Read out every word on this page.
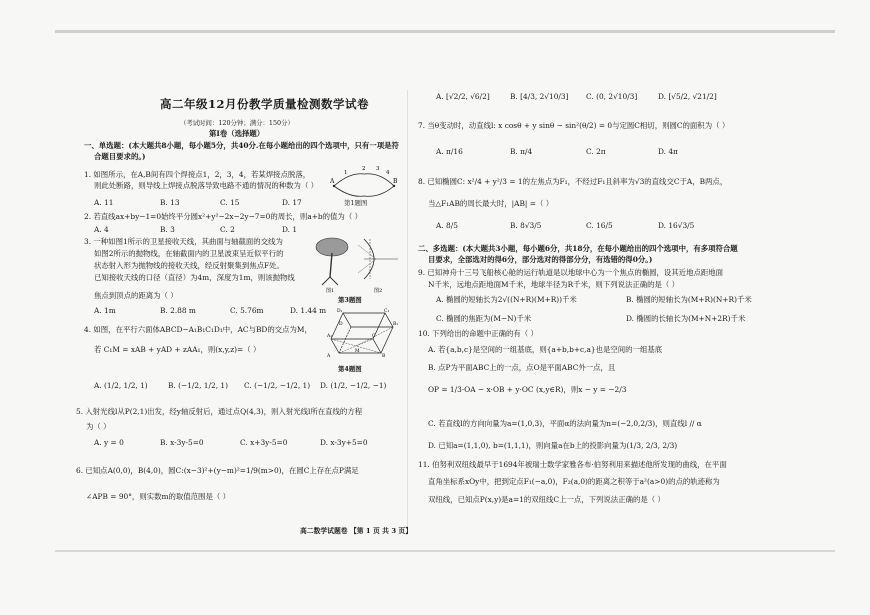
高二年级12月份教学质量检测数学试卷
（考试时间：120分钟；满分：150分）
第Ⅰ卷（选择题）
一、单选题：(本大题共8小题，每小题5分，共40分.在每小题给出的四个选项中，只有一项是符
合题目要求的。)
1. 如图所示，在A,B间有四个焊接点1，2，3，4，若某焊接点脱落，
则此处断路，则导线上焊接点脱落导致电路不通的情况的种数为（ ）
A. 11	B. 13	C. 15	D. 17
A	B
1
2 3
4
第1题图
2. 若直线ax+by−1=0始终平分圆x²+y²−2x−2y−7=0的周长，则a+b的值为（ ）
A. 4	B. 3	C. 2	D. 1
3. 一种如图1所示的卫星接收天线，其曲面与轴截面的交线为
如图2所示的抛物线，在轴截面内的卫星波束呈近似平行的
状态射入形为抛物线的接收天线，经反射聚集到焦点F处。
已知接收天线的口径（直径）为4m，深度为1m，则该抛物线
焦点到顶点的距离为（ ）	图1	图2
A. 1m	B. 2.88 m	C. 5.76m	D. 1.44 m
第3题图
4. 如图，在平行六面体ABCD−A₁B₁C₁D₁中，AC与BD的交点为M，
若 C₁M = xAB + yAD + zAA₁，则(x,y,z)=（ ）
D₁	C₁
A₁
B₁
A	B
C
D
M
第4题图
A. (1/2, 1/2, 1)	B. (−1/2, 1/2, 1) C. (−1/2, −1/2, 1) D. (1/2, −1/2, −1)
5. 入射光线l从P(2,1)出发，经y轴反射后，通过点Q(4,3)，则入射光线l所在直线的方程
为（ ）
A. y = 0	B. x-3y-5=0	C. x+3y-5=0	D. x-3y+5=0
6. 已知点A(0,0)，B(4,0)，圆C:(x−3)²+(y−m)²=1/9(m>0)，在圆C上存在点P满足
∠APB = 90°，则实数m的取值范围是（ ）
A. [√2/2, √6/2]	B. [4/3, 2√10/3] C. (0, 2√10/3]	D. [√5/2, √21/2]
7. 当θ变动时，动直线l: x cosθ + y sinθ − sin²(θ/2) = 0与定圆C相切，则圆C的面积为（ ）
A. π/16	B. π/4	C. 2π	D. 4π
8. 已知椭圆C: x²/4 + y²/3 = 1的左焦点为F₁，不经过F₁且斜率为√3的直线交C于A，B两点，
当△F₁AB的周长最大时，|AB| =（ ）
A. 8/5	B. 8√3/5	C. 16/5	D. 16√3/5
二、多选题：(本大题共3小题，每小题6分，共18分，在每小题给出的四个选项中，有多项符合题
目要求，全部选对的得6分，部分选对的得部分分，有选错的得0分。)
9. 已知神舟十三号飞船核心舱的运行轨道是以地球中心为一个焦点的椭圆，设其近地点距地面
N千米，远地点距地面M千米，地球半径为R千米，则下列说法正确的是（ ）
A. 椭圆的短轴长为2√((N+R)(M+R))千米	B. 椭圆的短轴长为(M+R)(N+R)千米
C. 椭圆的焦距为(M−N)千米	D. 椭圆的长轴长为(M+N+2R)千米
10. 下列给出的命题中正确的有（ ）
A. 若{a,b,c}是空间的一组基底，则{a+b,b+c,a}也是空间的一组基底
B. 点P为平面ABC上的一点，点O是平面ABC外一点，且
OP = 1/3·OA − x·OB + y·OC (x,y∈R)，则x − y = −2/3
C. 若直线l的方向向量为a=(1,0,3)，平面α的法向量为n=(−2,0,2/3)，则直线l // α
D. 已知a=(1,1,0), b=(1,1,1)，则向量a在b上的投影向量为(1/3, 2/3, 2/3)
11. 伯努利双纽线最早于1694年被瑞士数学家雅各布·伯努利用来描述他所发现的曲线，在平面
直角坐标系xOy中，把到定点F₁(−a,0)，F₂(a,0)的距离之积等于a²(a>0)的点的轨迹称为
双纽线，已知点P(x,y)是a=1的双纽线C上一点，下列说法正确的是（ ）
高二数学试题卷 【第 1 页 共 3 页】
